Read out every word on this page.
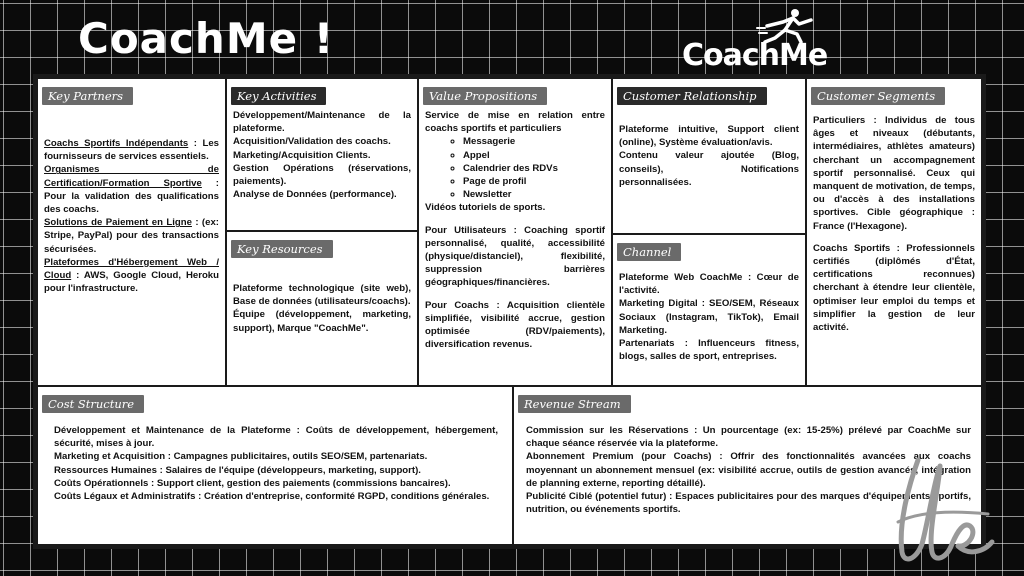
CoachMe !	CoachMe
Key Partners

Coachs Sportifs Indépendants : Les fournisseurs de services essentiels.

Organismes de Certification/Formation Sportive : Pour la validation des qualifications des coachs.

Solutions de Paiement en Ligne : (ex: Stripe, PayPal) pour des transactions sécurisées.

Plateformes d'Hébergement Web / Cloud : AWS, Google Cloud, Heroku pour l'infrastructure.

Key Activities

Développement/Maintenance de la plateforme.

Acquisition/Validation des coachs.

Marketing/Acquisition Clients.

Gestion Opérations (réservations, paiements).

Analyse de Données (performance).

Key Resources

Plateforme technologique (site web), Base de données (utilisateurs/coachs).

Équipe (développement, marketing, support), Marque "CoachMe".

Value Propositions

Service de mise en relation entre coachs sportifs et particuliers

◦ Messagerie
◦ Appel
◦ Calendrier des RDVs
◦ Page de profil
◦ Newsletter

Vidéos tutoriels de sports.

Pour Utilisateurs : Coaching sportif personnalisé, qualité, accessibilité (physique/distanciel), flexibilité, suppression barrières géographiques/financières.

Pour Coachs : Acquisition clientèle simplifiée, visibilité accrue, gestion optimisée (RDV/paiements), diversification revenus.

Customer Relationship

Plateforme intuitive, Support client (online), Système évaluation/avis.

Contenu valeur ajoutée (Blog, conseils), Notifications personnalisées.

Channel

Plateforme Web CoachMe : Cœur de l'activité.

Marketing Digital : SEO/SEM, Réseaux Sociaux (Instagram, TikTok), Email Marketing.

Partenariats : Influenceurs fitness, blogs, salles de sport, entreprises.

Customer Segments

Particuliers : Individus de tous âges et niveaux (débutants, intermédiaires, athlètes amateurs) cherchant un accompagnement sportif personnalisé. Ceux qui manquent de motivation, de temps, ou d'accès à des installations sportives. Cible géographique : France (l'Hexagone).

Coachs Sportifs : Professionnels certifiés (diplômés d'État, certifications reconnues) cherchant à étendre leur clientèle, optimiser leur emploi du temps et simplifier la gestion de leur activité.

Cost Structure

Développement et Maintenance de la Plateforme : Coûts de développement, hébergement, sécurité, mises à jour.

Marketing et Acquisition : Campagnes publicitaires, outils SEO/SEM, partenariats.

Ressources Humaines : Salaires de l'équipe (développeurs, marketing, support).

Coûts Opérationnels : Support client, gestion des paiements (commissions bancaires).

Coûts Légaux et Administratifs : Création d'entreprise, conformité RGPD, conditions générales.

Revenue Stream

Commission sur les Réservations : Un pourcentage (ex: 15-25%) prélevé par CoachMe sur chaque séance réservée via la plateforme.

Abonnement Premium (pour Coachs) : Offrir des fonctionnalités avancées aux coachs moyennant un abonnement mensuel (ex: visibilité accrue, outils de gestion avancés, intégration de planning externe, reporting détaillé).

Publicité Ciblé (potentiel futur) : Espaces publicitaires pour des marques d'équipements sportifs, nutrition, ou événements sportifs.
